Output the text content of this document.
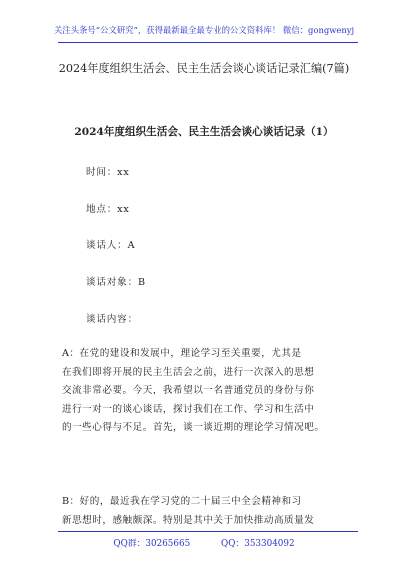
关注头条号“公文研究”，获得最新最全最专业的公文资料库！ 微信：gongwenyj
2024年度组织生活会、民主生活会谈心谈话记录汇编(7篇)
2024年度组织生活会、民主生活会谈心谈话记录（1）
时间：xx
地点：xx
谈话人：A
谈话对象：B
谈话内容：
A：在党的建设和发展中，理论学习至关重要，尤其是
在我们即将开展的民主生活会之前，进行一次深入的思想
交流非常必要。今天，我希望以一名普通党员的身份与你
进行一对一的谈心谈话，探讨我们在工作、学习和生活中
的一些心得与不足。首先，谈一谈近期的理论学习情况吧。
B：好的，最近我在学习党的二十届三中全会精神和习
新思想时，感触颇深。特别是其中关于加快推动高质量发
QQ群：30265665	QQ：353304092
